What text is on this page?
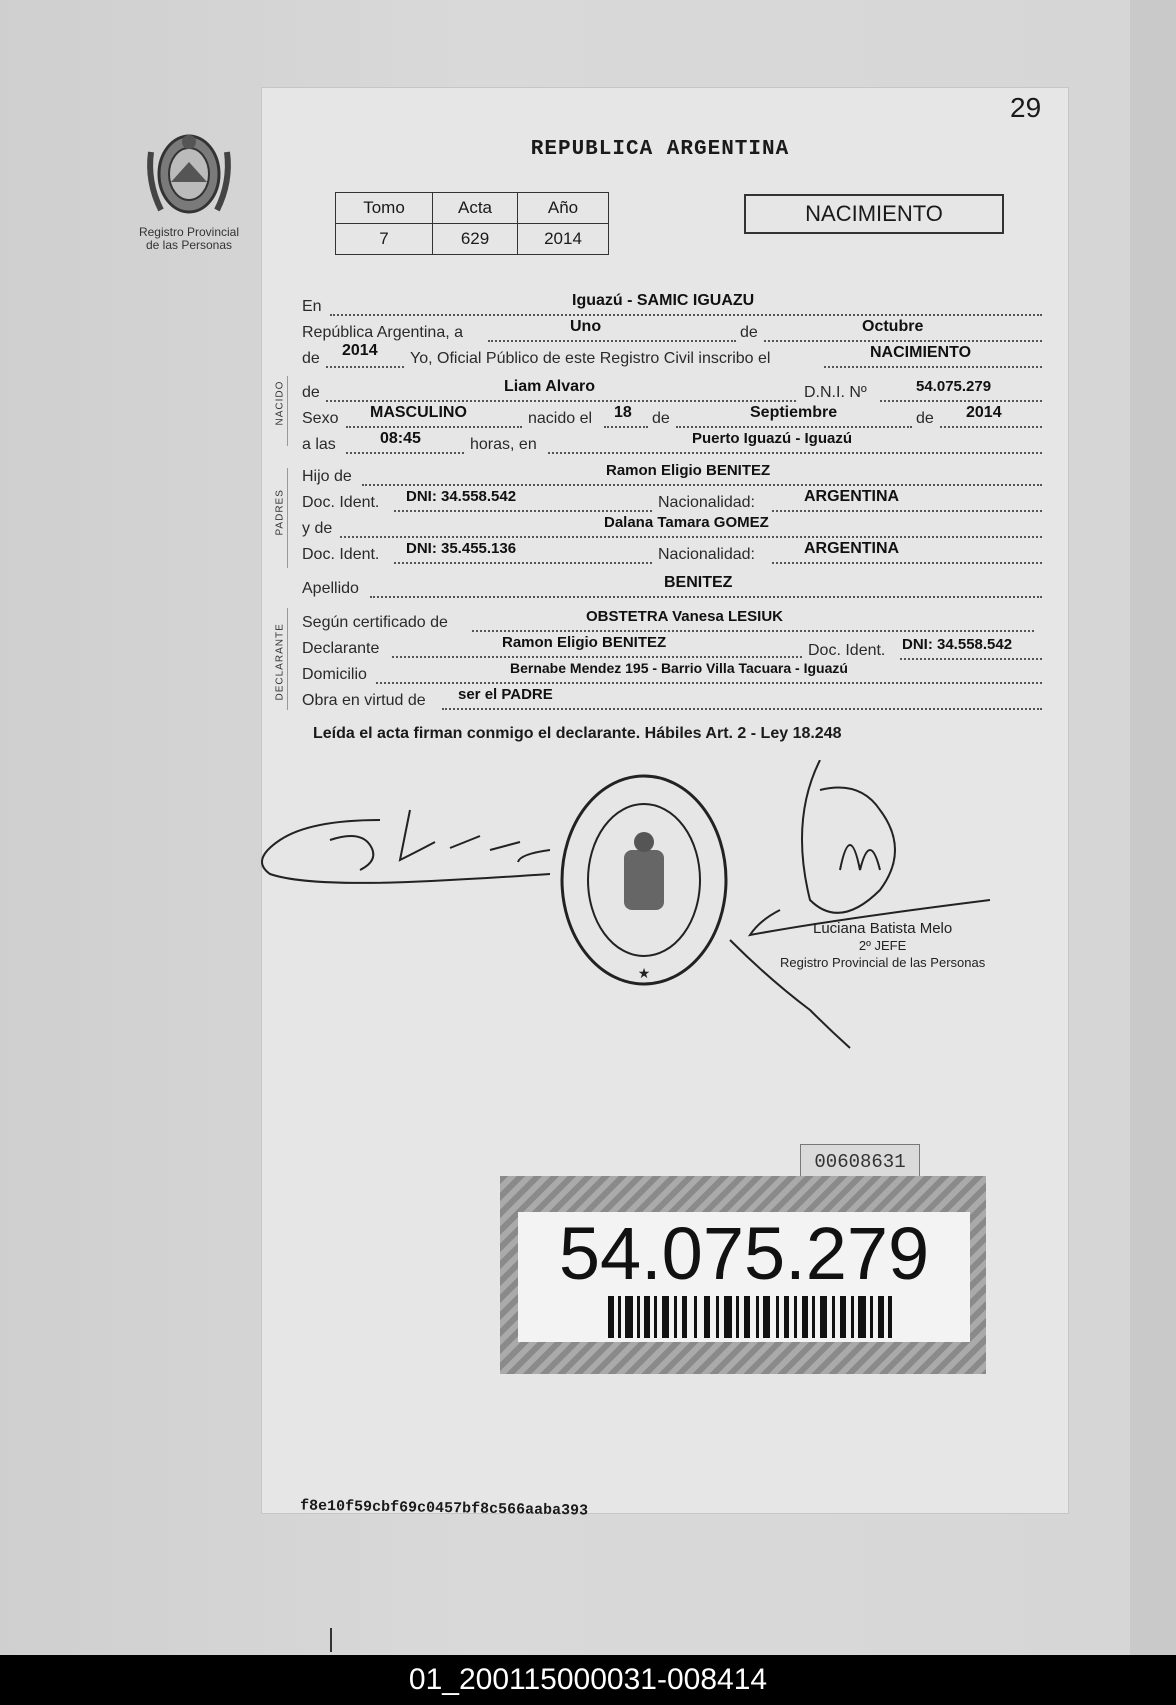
29
Registro Provincial
de las Personas
REPUBLICA ARGENTINA
Tomo	Acta	Año
7	629	2014
NACIMIENTO
NACIDO
PADRES
DECLARANTE
En	Iguazú - SAMIC IGUAZU
República Argentina, a	Uno	de	Octubre
de 2014 Yo, Oficial Público de este Registro Civil inscribo el	NACIMIENTO
de	Liam Alvaro	D.N.I. Nº	54.075.279
Sexo MASCULINO	nacido el 18 de	Septiembre	de 2014
a las	08:45	horas, en	Puerto Iguazú - Iguazú
Hijo de	Ramon Eligio BENITEZ
Doc. Ident. DNI: 34.558.542	Nacionalidad:	ARGENTINA
y de	Dalana Tamara GOMEZ
Doc. Ident. DNI: 35.455.136	Nacionalidad:	ARGENTINA
Apellido	BENITEZ
Según certificado de	OBSTETRA Vanesa LESIUK
Declarante	Ramon Eligio BENITEZ	Doc. Ident. DNI: 34.558.542
Domicilio	Bernabe Mendez 195 - Barrio Villa Tacuara - Iguazú
Obra en virtud de ser el PADRE
Leída el acta firman conmigo el declarante. Hábiles Art. 2 - Ley 18.248
★
Luciana Batista Melo
2º JEFE
Registro Provincial de las Personas
00608631
54.075.279
f8e10f59cbf69c0457bf8c566aaba393
01_200115000031-008414
